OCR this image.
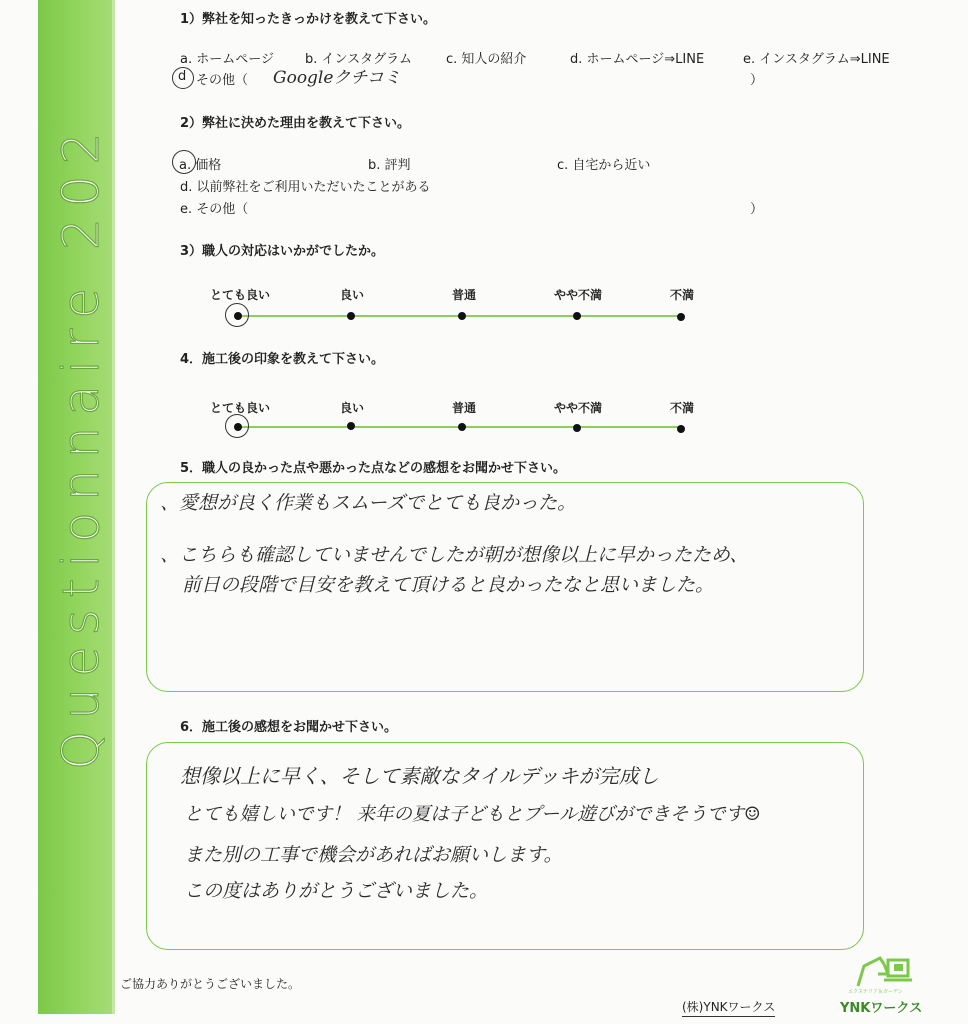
Questionnaire 202
1）弊社を知ったきっかけを教えて下さい。
a. ホームページ b. インスタグラム	c. 知人の紹介	d. ホームページ⇒LINE	e. インスタグラム⇒LINE
d その他（ Googleクチコミ	）
2）弊社に決めた理由を教えて下さい。
a. 価格	b. 評判	c. 自宅から近い
d. 以前弊社をご利用いただいたことがある
e. その他（	）
3）職人の対応はいかがでしたか。
とても良い	良い	普通	やや不満	不満
4．施工後の印象を教えて下さい。
とても良い	良い	普通	やや不満	不満
5．職人の良かった点や悪かった点などの感想をお聞かせ下さい。
、愛想が良く作業もスムーズでとても良かった。
、こちらも確認していませんでしたが朝が想像以上に早かったため、
前日の段階で目安を教えて頂けると良かったなと思いました。
6．施工後の感想をお聞かせ下さい。
想像以上に早く、そして素敵なタイルデッキが完成し
とても嬉しいです！ 来年の夏は子どもとプール遊びができそうです☺
また別の工事で機会があればお願いします。
この度はありがとうございました。
ご協力ありがとうございました。
(株)YNKワークス
エクステリア＆ガーデン
YNKワークス
